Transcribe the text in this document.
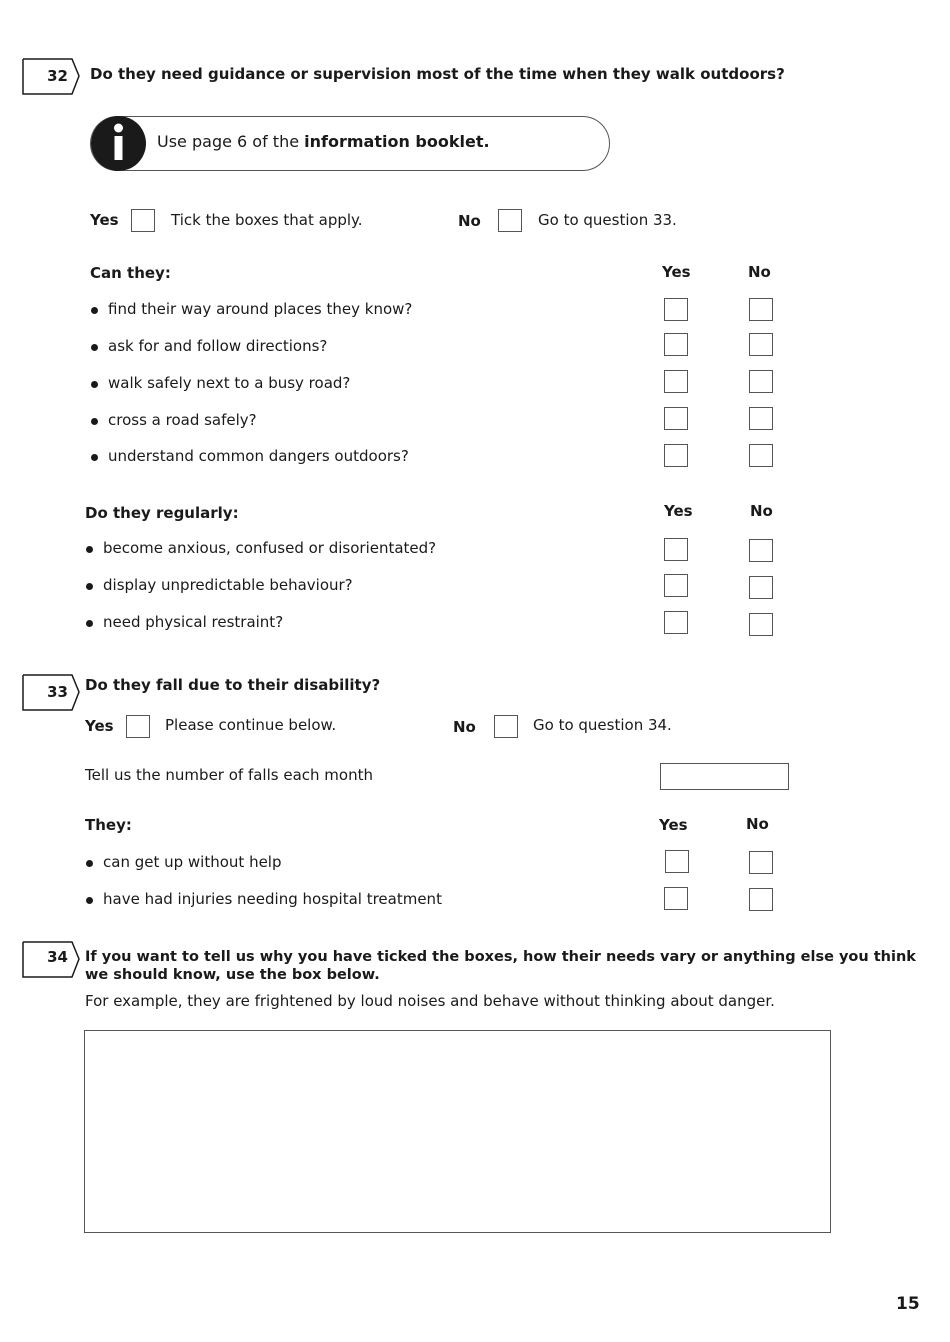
32 Do they need guidance or supervision most of the time when they walk outdoors?
Use page 6 of the information booklet.
Yes	Tick the boxes that apply.	No	Go to question 33.
Can they:	Yes	No
find their way around places they know?
ask for and follow directions?
walk safely next to a busy road?
cross a road safely?
understand common dangers outdoors?
Do they regularly:	Yes	No
become anxious, confused or disorientated?
display unpredictable behaviour?
need physical restraint?
33 Do they fall due to their disability?
Yes	Please continue below.	No	Go to question 34.
Tell us the number of falls each month
They:	Yes	No
can get up without help
have had injuries needing hospital treatment
34 If you want to tell us why you have ticked the boxes, how their needs vary or anything else you think
we should know, use the box below.
For example, they are frightened by loud noises and behave without thinking about danger.
15
